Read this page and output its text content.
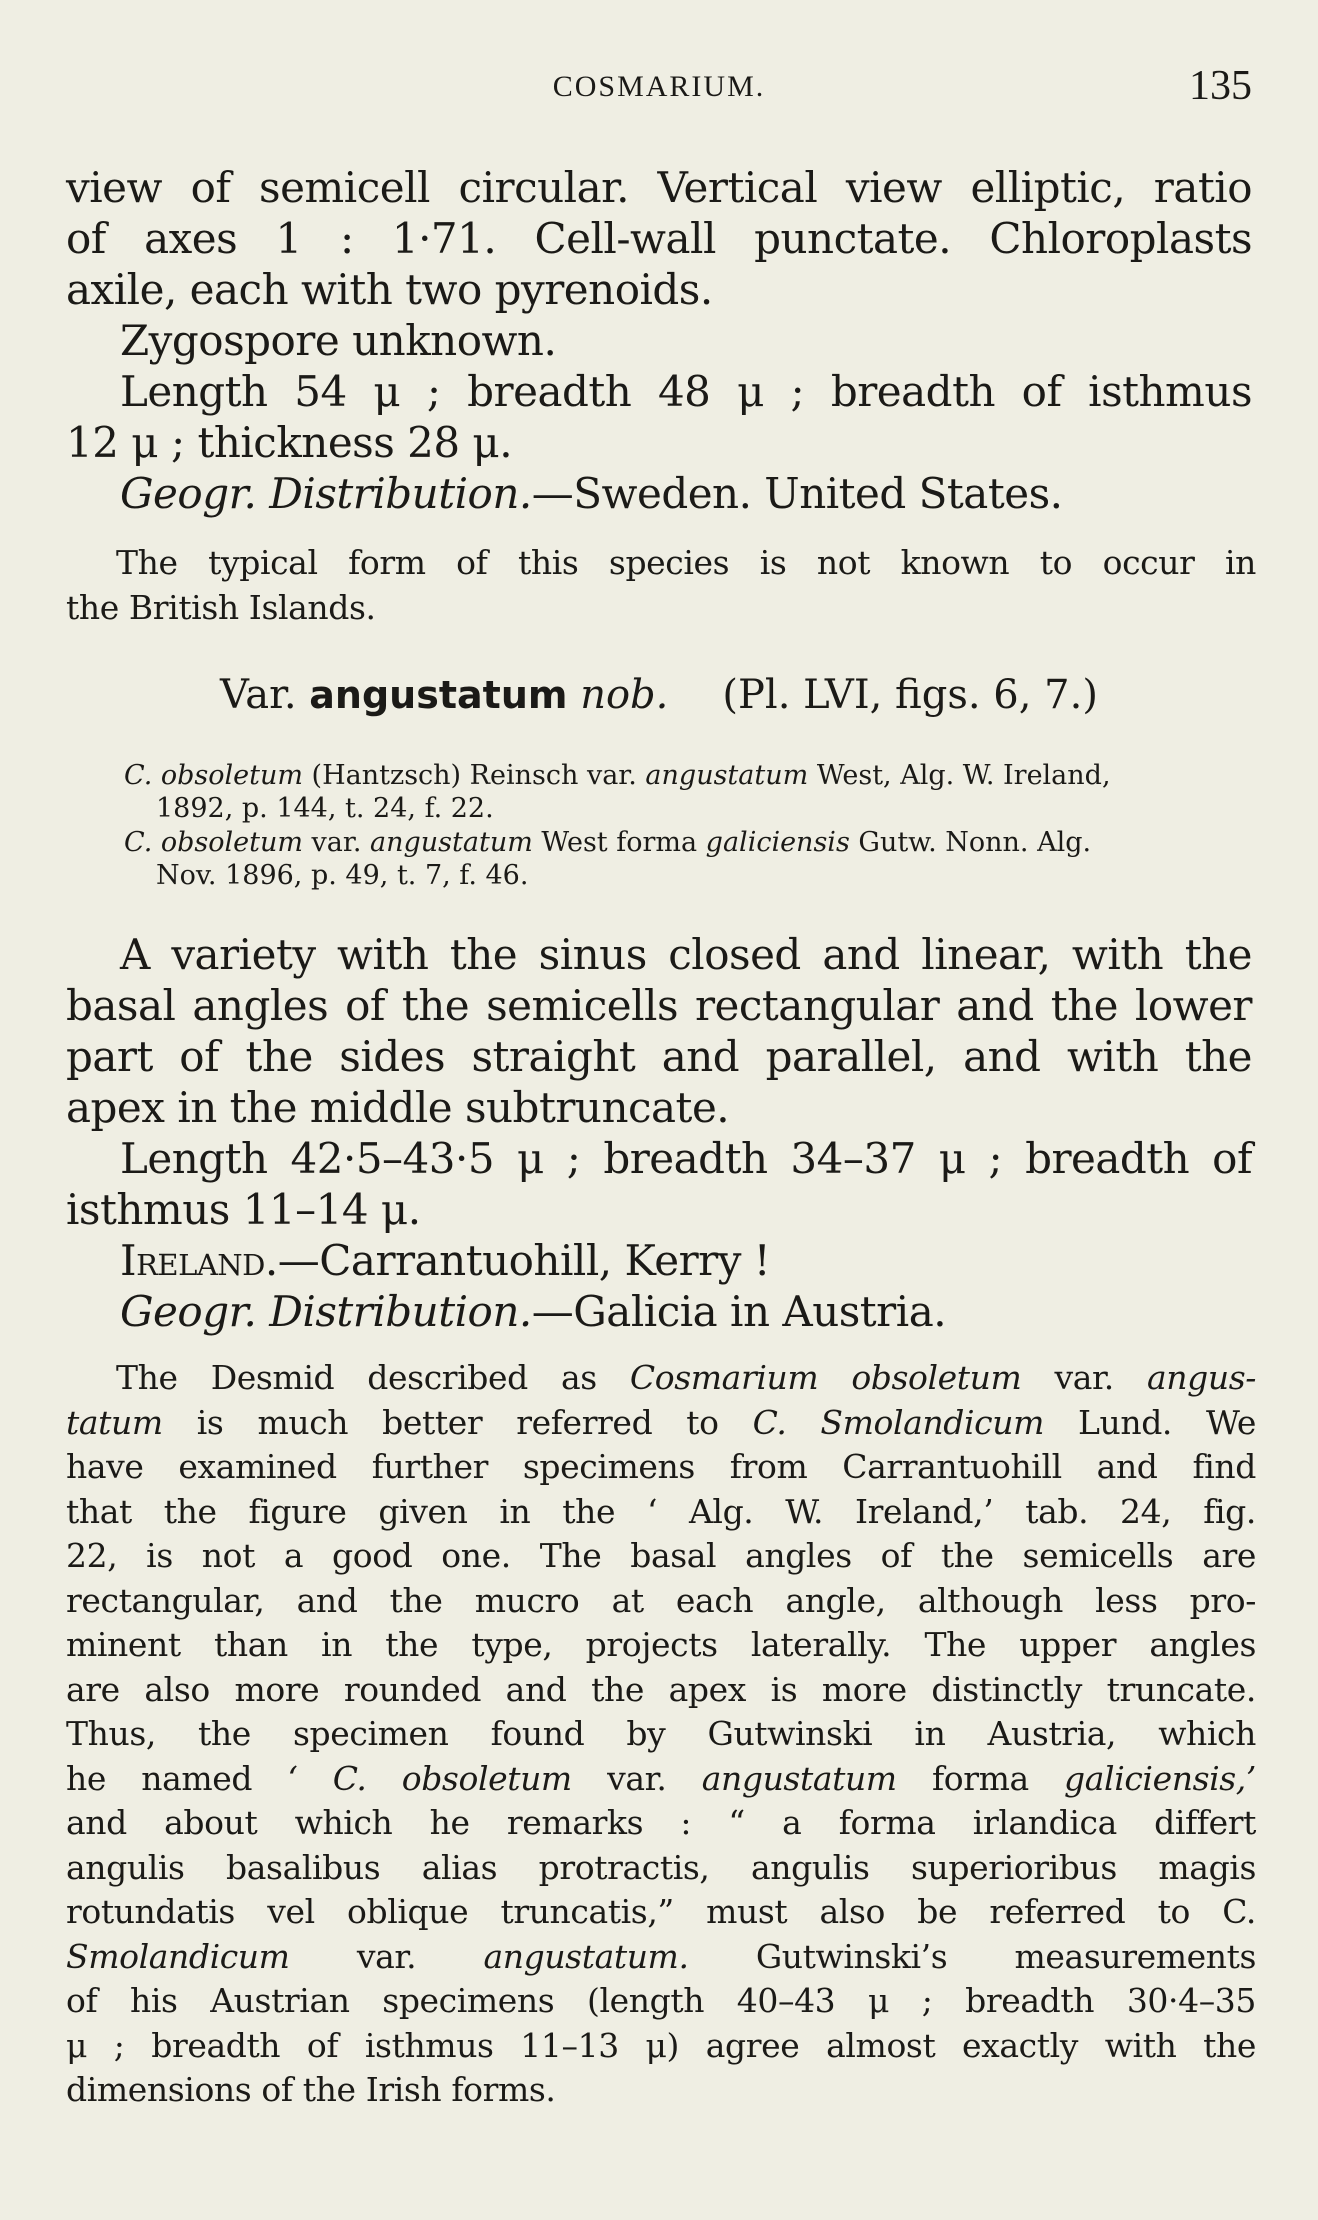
COSMARIUM.	135
view of semicell circular. Vertical view elliptic, ratio
of axes 1 : 1·71. Cell-wall punctate. Chloroplasts
axile, each with two pyrenoids.
Zygospore unknown.
Length 54 μ ; breadth 48 μ ; breadth of isthmus
12 μ ; thickness 28 μ.
Geogr. Distribution.—Sweden. United States.
The typical form of this species is not known to occur in
the British Islands.
Var. angustatum nob. (Pl. LVI, figs. 6, 7.)
C. obsoletum (Hantzsch) Reinsch var. angustatum West, Alg. W. Ireland,
1892, p. 144, t. 24, f. 22.
C. obsoletum var. angustatum West forma galiciensis Gutw. Nonn. Alg.
Nov. 1896, p. 49, t. 7, f. 46.
A variety with the sinus closed and linear, with the
basal angles of the semicells rectangular and the lower
part of the sides straight and parallel, and with the
apex in the middle subtruncate.
Length 42·5–43·5 μ ; breadth 34–37 μ ; breadth of
isthmus 11–14 μ.
Ireland.—Carrantuohill, Kerry !
Geogr. Distribution.—Galicia in Austria.
The Desmid described as Cosmarium obsoletum var. angus-
tatum is much better referred to C. Smolandicum Lund. We
have examined further specimens from Carrantuohill and find
that the figure given in the ‘ Alg. W. Ireland,’ tab. 24, fig.
22, is not a good one. The basal angles of the semicells are
rectangular, and the mucro at each angle, although less pro-
minent than in the type, projects laterally. The upper angles
are also more rounded and the apex is more distinctly truncate.
Thus, the specimen found by Gutwinski in Austria, which
he named ‘ C. obsoletum var. angustatum forma galiciensis,’
and about which he remarks : “ a forma irlandica differt
angulis basalibus alias protractis, angulis superioribus magis
rotundatis vel oblique truncatis,” must also be referred to C.
Smolandicum var. angustatum. Gutwinski’s measurements
of his Austrian specimens (length 40–43 μ ; breadth 30·4–35
μ ; breadth of isthmus 11–13 μ) agree almost exactly with the
dimensions of the Irish forms.
